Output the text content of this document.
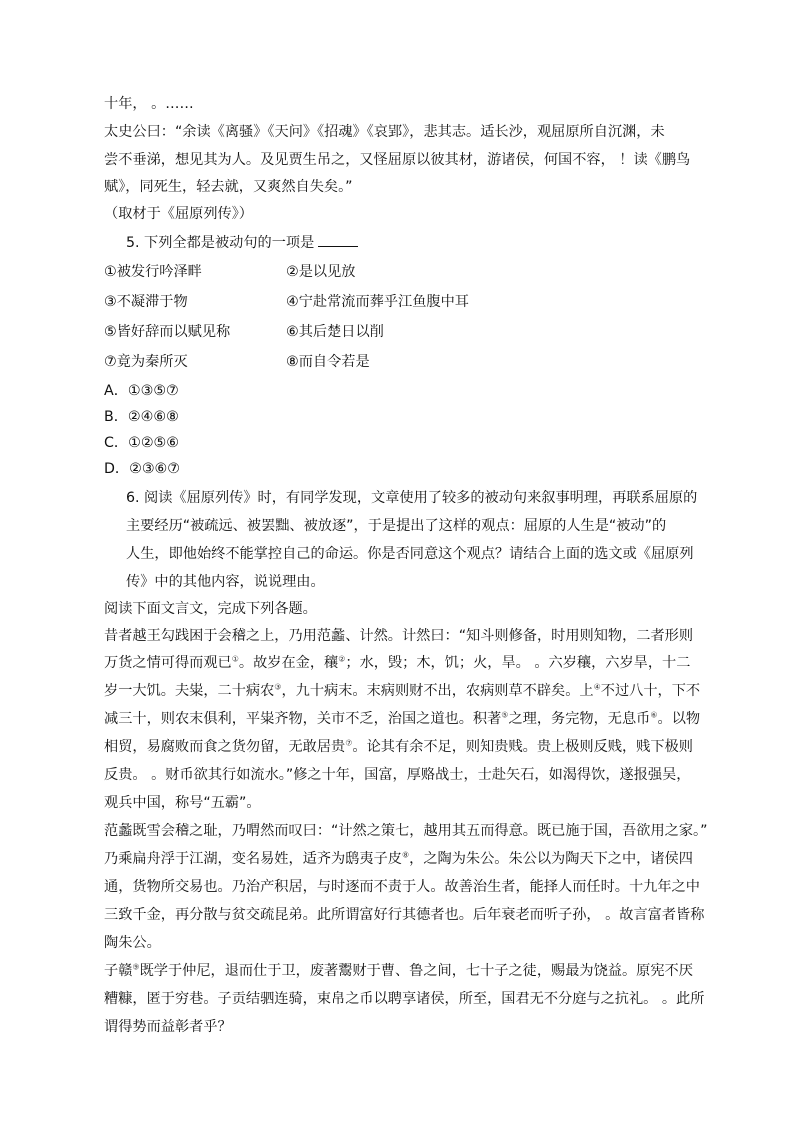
十年， 。……
太史公曰：“余读《离骚》《天问》《招魂》《哀郢》，悲其志。适长沙，观屈原所自沉渊，未
尝不垂涕，想见其为人。及见贾生吊之，又怪屈原以彼其材，游诸侯，何国不容， ！读《鹏鸟
赋》，同死生，轻去就，又爽然自失矣。”
（取材于《屈原列传》）
5. 下列全都是被动句的一项是
①被发行吟泽畔	②是以见放
③不凝滞于物	④宁赴常流而葬乎江鱼腹中耳
⑤皆好辞而以赋见称	⑥其后楚日以削
⑦竟为秦所灭	⑧而自令若是
A．①③⑤⑦
B．②④⑥⑧
C．①②⑤⑥
D．②③⑥⑦
6. 阅读《屈原列传》时，有同学发现，文章使用了较多的被动句来叙事明理，再联系屈原的
主要经历“被疏远、被罢黜、被放逐”，于是提出了这样的观点：屈原的人生是“被动”的
人生，即他始终不能掌控自己的命运。你是否同意这个观点？请结合上面的选文或《屈原列
传》中的其他内容，说说理由。
阅读下面文言文，完成下列各题。
昔者越王勾践困于会稽之上，乃用范蠡、计然。计然曰：“知斗则修备，时用则知物，二者形则
万货之情可得而观已①。故岁在金，穰②；水，毁；木，饥；火，旱。 。六岁穰，六岁旱，十二
岁一大饥。夫粜，二十病农③，九十病末。末病则财不出，农病则草不辟矣。上④不过八十，下不
减三十，则农末俱利，平粜齐物，关市不乏，治国之道也。积著⑤之理，务完物，无息币⑥。以物
相贸，易腐败而食之货勿留，无敢居贵⑦。论其有余不足，则知贵贱。贵上极则反贱，贱下极则
反贵。 。财币欲其行如流水。”修之十年，国富，厚赂战士，士赴矢石，如渴得饮，遂报强吴，
观兵中国，称号“五霸”。
范蠡既雪会稽之耻，乃喟然而叹曰：“计然之策七，越用其五而得意。既已施于国，吾欲用之家。”
乃乘扁舟浮于江湖，变名易姓，适齐为鸱夷子皮⑧，之陶为朱公。朱公以为陶天下之中，诸侯四
通，货物所交易也。乃治产积居，与时逐而不责于人。故善治生者，能择人而任时。十九年之中
三致千金，再分散与贫交疏昆弟。此所谓富好行其德者也。后年衰老而听子孙， 。故言富者皆称
陶朱公。
子赣⑨既学于仲尼，退而仕于卫，废著鬻财于曹、鲁之间，七十子之徒，赐最为饶益。原宪不厌
糟糠，匿于穷巷。子贡结驷连骑，束帛之币以聘享诸侯，所至，国君无不分庭与之抗礼。 。此所
谓得势而益彰者乎？
